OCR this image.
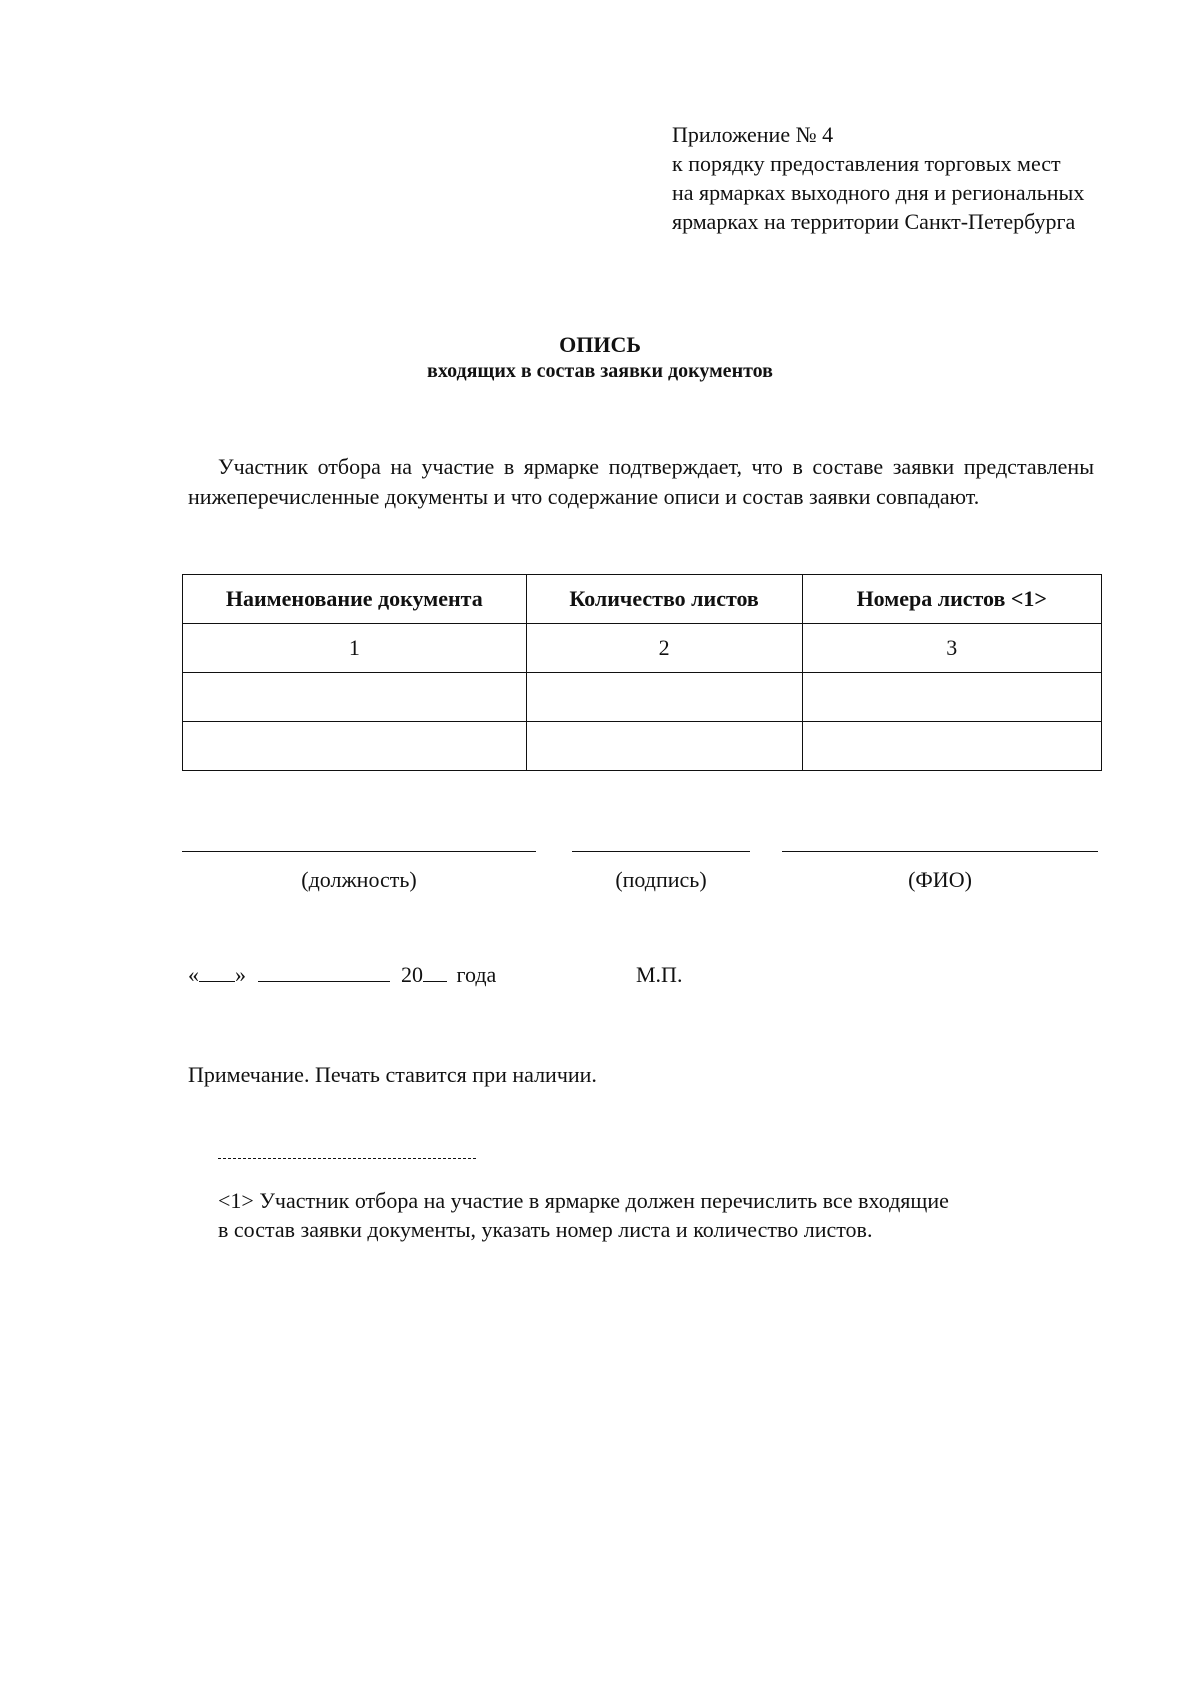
Приложение № 4
к порядку предоставления торговых мест
на ярмарках выходного дня и региональных
ярмарках на территории Санкт-Петербурга
ОПИСЬ
входящих в состав заявки документов
Участник отбора на участие в ярмарке подтверждает, что в составе заявки представлены нижеперечисленные документы и что содержание описи и состав заявки совпадают.
Наименование документа	Количество листов	Номера листов <1>
1	2	3

(должность)	(подпись)	(ФИО)
« »	20 года	М.П.
Примечание. Печать ставится при наличии.
<1> Участник отбора на участие в ярмарке должен перечислить все входящие
в состав заявки документы, указать номер листа и количество листов.
